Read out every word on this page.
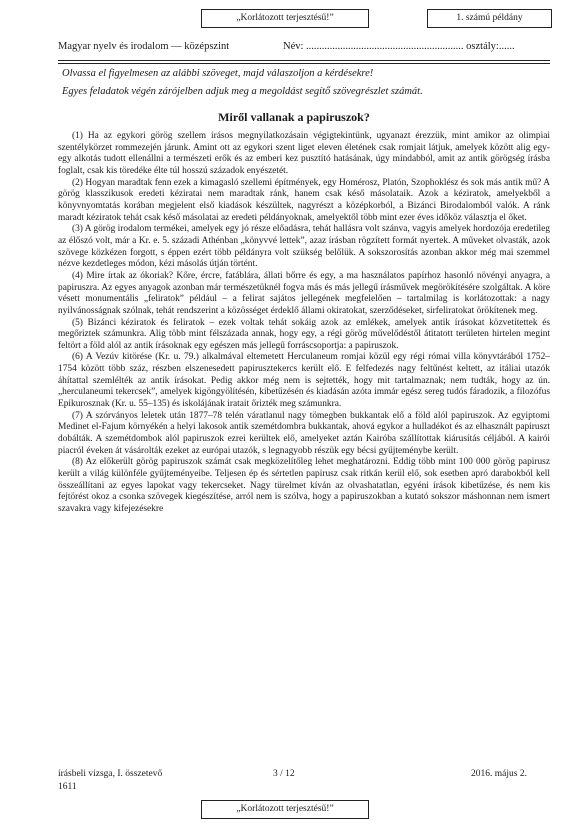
„Korlátozott terjesztésű!”	1. számú példány
Magyar nyelv és irodalom — középszint	Név: ............................................................ osztály:......
Olvassa el figyelmesen az alábbi szöveget, majd válaszoljon a kérdésekre!
Egyes feladatok végén zárójelben adjuk meg a megoldást segítő szövegrészlet számát.
Miről vallanak a papiruszok?

(1) Ha az egykori görög szellem írásos megnyilatkozásain végigtekintünk, ugyanazt érezzük, mint amikor az olimpiai szentélykörzet rommezején járunk. Amint ott az egykori szent liget eleven életének csak romjait látjuk, amelyek között alig egy-egy alkotás tudott ellenállni a természeti erők és az emberi kez pusztító hatásának, úgy mindabból, amit az antik görögség írásba foglalt, csak kis töredéke élte túl hosszú századok enyészetét.

(2) Hogyan maradtak fenn ezek a kimagasló szellemi építmények, egy Homérosz, Platón, Szophoklész és sok más antik mű? A görög klasszikusok eredeti kéziratai nem maradtak ránk, hanem csak késő másolataik. Azok a kéziratok, amelyekből a könyvnyomtatás korában megjelent első kiadások készültek, nagyrészt a középkorból, a Bizánci Birodalomból valók. A ránk maradt kéziratok tehát csak késő másolatai az eredeti példányoknak, amelyektől több mint ezer éves időköz választja el őket.

(3) A görög irodalom termékei, amelyek egy jó része előadásra, tehát hallásra volt szánva, vagyis amelyek hordozója eredetileg az élőszó volt, már a Kr. e. 5. századi Athénban „könyvvé lettek”, azaz írásban rögzített formát nyertek. A műveket olvasták, azok szövege közkézen forgott, s éppen ezért több példányra volt szükség belőlük. A sokszorosítás azonban akkor még mai szemmel nézve kezdetleges módon, kézi másolás útján történt.

(4) Mire írtak az ókoriak? Kőre, ércre, fatáblára, állati bőrre és egy, a ma használatos papírhoz hasonló növényi anyagra, a papiruszra. Az egyes anyagok azonban már természetüknél fogva más és más jellegű írásművek megörökítésére szolgáltak. A köre vésett monumentális „feliratok” például – a felirat sajátos jellegének megfelelően – tartalmilag is korlátozottak: a nagy nyilvánosságnak szólnak, tehát rendszerint a közösséget érdeklő állami okiratokat, szerződéseket, sírfeliratokat örökítenek meg.

(5) Bizánci kéziratok és feliratok – ezek voltak tehát sokáig azok az emlékek, amelyek antik írásokat közvetítettek és megőriztek számunkra. Alig több mint félszázada annak, hogy egy, a régi görög művelődéstől átitatott területen hirtelen megint feltört a föld alól az antik írásoknak egy egészen más jellegű forráscsoportja: a papiruszok.

(6) A Vezúv kitörése (Kr. u. 79.) alkalmával eltemetett Herculaneum romjai közül egy régi római villa könyvtárából 1752–1754 között több száz, részben elszenesedett papirusztekercs került elő. E felfedezés nagy feltűnést keltett, az itáliai utazók áhítattal szemlélték az antik írásokat. Pedig akkor még nem is sejtették, hogy mit tartalmaznak; nem tudták, hogy az ún. „herculaneumi tekercsek”, amelyek kigöngyölítésén, kibetűzésén és kiadásán azóta immár egész sereg tudós fáradozik, a filozófus Epikurosznak (Kr. u. 55–135) és iskolájának iratait őrizték meg számunkra.

(7) A szórványos leletek után 1877–78 telén váratlanul nagy tömegben bukkantak elő a föld alól papiruszok. Az egyiptomi Medinet el-Fajum környékén a helyi lakosok antik szemétdombra bukkantak, ahová egykor a hulladékot és az elhasznált papiruszt dobálták. A szemétdombok alól papiruszok ezrei kerültek elő, amelyeket aztán Kairóba szállítottak kiárusítás céljából. A kairói piacról éveken át vásárolták ezeket az európai utazók, s legnagyobb részük egy bécsi gyűjteménybe került.

(8) Az előkerült görög papiruszok számát csak megközelítőleg lehet meghatározni. Eddig több mint 100 000 görög papirusz került a világ különféle gyűjteményeibe. Teljesen ép és sértetlen papirusz csak ritkán kerül elő, sok esetben apró darabokból kell összeállítani az egyes lapokat vagy tekercseket. Nagy türelmet kíván az olvashatatlan, egyéni írások kibetűzése, és nem kis fejtörést okoz a csonka szövegek kiegészítése, arról nem is szólva, hogy a papiruszokban a kutató sokszor máshonnan nem ismert szavakra vagy kifejezésekre

írásbeli vizsga, I. összetevő
1611
3 / 12	2016. május 2.
„Korlátozott terjesztésű!”
